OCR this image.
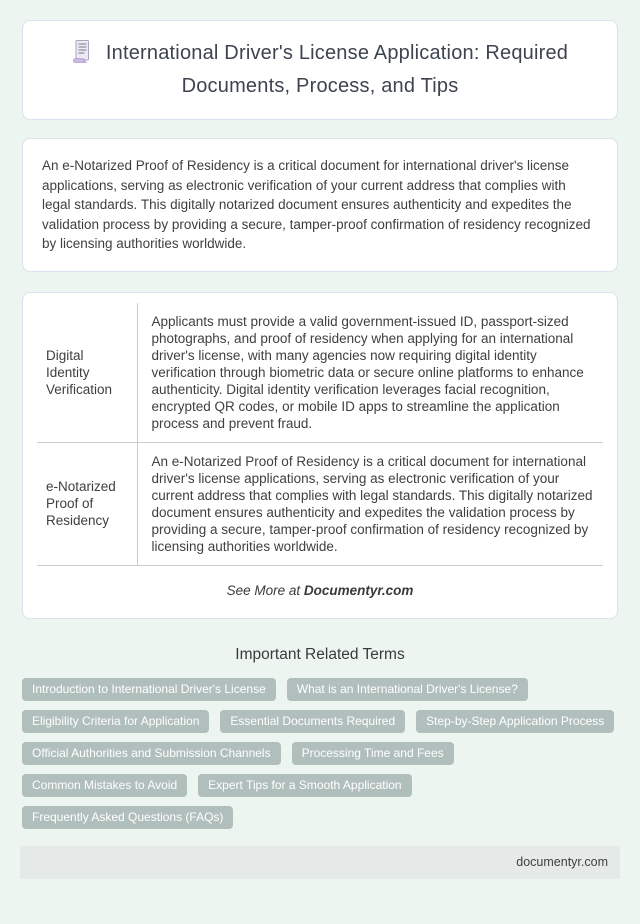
International Driver's License Application: Required Documents, Process, and Tips

An e-Notarized Proof of Residency is a critical document for international driver's license applications, serving as electronic verification of your current address that complies with legal standards. This digitally notarized document ensures authenticity and expedites the validation process by providing a secure, tamper-proof confirmation of residency recognized by licensing authorities worldwide.

Digital Identity Verification	Applicants must provide a valid government-issued ID, passport-sized photographs, and proof of residency when applying for an international driver's license, with many agencies now requiring digital identity verification through biometric data or secure online platforms to enhance authenticity. Digital identity verification leverages facial recognition, encrypted QR codes, or mobile ID apps to streamline the application process and prevent fraud.
e-Notarized Proof of Residency	An e-Notarized Proof of Residency is a critical document for international driver's license applications, serving as electronic verification of your current address that complies with legal standards. This digitally notarized document ensures authenticity and expedites the validation process by providing a secure, tamper-proof confirmation of residency recognized by licensing authorities worldwide.

See More at Documentyr.com

Important Related Terms
Introduction to International Driver's License	What is an International Driver's License?
Eligibility Criteria for Application	Essential Documents Required	Step-by-Step Application Process
Official Authorities and Submission Channels	Processing Time and Fees
Common Mistakes to Avoid	Expert Tips for a Smooth Application
Frequently Asked Questions (FAQs)
documentyr.com
